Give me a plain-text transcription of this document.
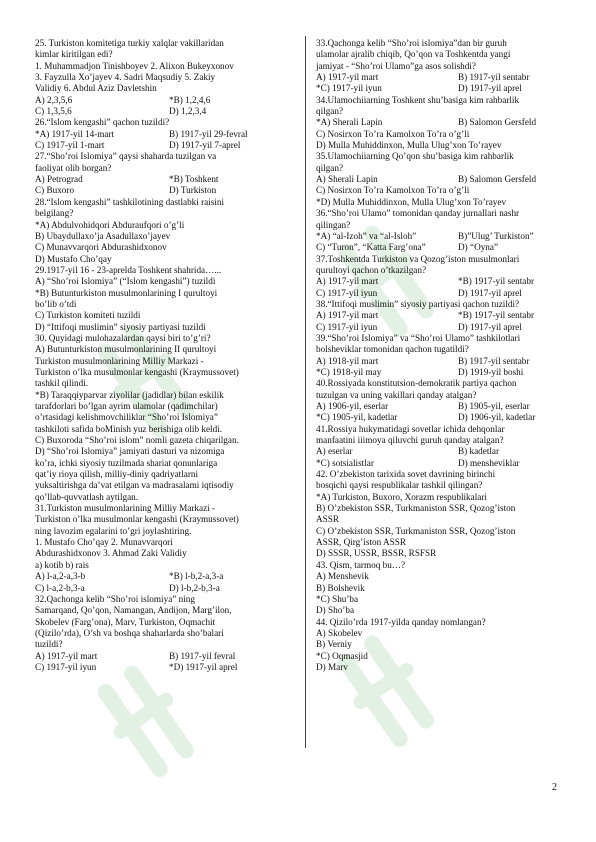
25. Turkiston komitetiga turkiy xalqlar vakillaridan
kimlar kiritilgan edi?
1. Muhammadjon Tinishboyev 2. Alixon Bukeyxonov
3. Fayzulla Xo’jayev 4. Sadri Maqsudiy 5. Zakiy
Validiy 6. Abdul Aziz Davletshin
A) 2,3,5,6	*B) 1,2,4,6
C) 1,3,5,6	D) 1,2,3,4
26.“Islom kengashi” qachon tuzildi?
*A) 1917-yil 14-mart	B) 1917-yil 29-fevral
C) 1917-yil 1-mart	D) 1917-yil 7-aprel
27.“Sho’roi Islomiya” qaysi shaharda tuzilgan va
faoliyat olib borgan?
A) Petrograd	*B) Toshkent
C) Buxoro	D) Turkiston
28.“Islom kengashi” tashkilotining dastlabki raisini
belgilang?
*A) Abdulvohidqori Abduraufqori o’g’li
B) Ubaydullaxo’ja Asadullaxo’jayev
C) Munavvarqori Abdurashidxonov
D) Mustafo Cho’qay
29.1917-yil 16 - 23-aprelda Toshkent shahrida…...
A) “Sho’roi Islomiya” (“Islom kengashi”) tuzildi
*B) Butunturkiston musulmonlarining I qurultoyi
bo’lib o’tdi
C) Turkiston komiteti tuzildi
D) “Ittifoqi muslimin” siyosiy partiyasi tuzildi
30. Quyidagi mulohazalardan qaysi biri to’g’ri?
A) Butunturkiston musulmonlarining II qurultoyi
Turkiston musulmonlarining Milliy Markazi -
Turkiston o’lka musulmonlar kengashi (Kraymussovet)
tashkil qilindi.
*B) Taraqqiyparvar ziyolilar (jadidlar) bilan eskilik
tarafdorlari bo’lgan ayrim ulamolar (qadimchilar)
o’rtasidagi kelishmovchiliklar “Sho’roi Islomiya”
tashkiloti safida boMinish yuz berishiga olib keldi.
C) Buxoroda “Sho’roi islom” nomli gazeta chiqarilgan.
D) “Sho’roi Islomiya” jamiyati dasturi va nizomiga
ko’ra, ichki siyosiy tuzilmada shariat qonunlariga
qat’iy rioya qilish, milliy-diniy qadriyatlarni
yuksaltirishga da’vat etilgan va madrasalami iqtisodiy
qo’llab-quvvatlash aytilgan.
31.Turkiston musulmonlarining Milliy Markazi -
Turkiston o’lka musulmonlar kengashi (Kraymussovet)
ning lavozim egalarini to’gri joylashtiring.
1. Mustafo Cho’qay 2. Munavvarqori
Abdurashidxonov 3. Ahmad Zaki Validiy
a) kotib b) rais
A) l-a,2-a,3-b	*B) l-b,2-a,3-a
C) l-a,2-b,3-a	D) l-b,2-b,3-a
32.Qachonga kelib “Sho’roi islomiya” ning
Samarqand, Qo’qon, Namangan, Andijon, Marg’ilon,
Skobelev (Farg’ona), Marv, Turkiston, Oqmachit
(Qizilo’rda), O’sh va boshqa shaharlarda sho’balari
tuzildi?
A) 1917-yil mart	B) 1917-yil fevral
C) 1917-yil iyun	*D) 1917-yil aprel
33.Qachonga kelib “Sho’roi islomiya”dan bir guruh
ulamolar ajralib chiqib, Qo’qon va Toshkentda yangi
jamiyat - “Sho’roi Ulamo”ga asos solishdi?
A) 1917-yil mart	B) 1917-yil sentabr
*C) 1917-yil iyun	D) 1917-yil aprel
34.Ulamochiiarning Toshkent shu’basiga kim rahbarlik
qilgan?
*A) Sherali Lapin	B) Salomon Gersfeld
C) Nosirxon To’ra Kamolxon To’ra o’g’li
D) Mulla Muhiddinxon, Mulla Ulug’xon To’rayev
35.Ulamochiiarning Qo’qon shu’basiga kim rahbarlik
qilgan?
A) Sherali Lapin	B) Salomon Gersfeld
C) Nosirxon To’ra Kamolxon To’ra o’g’li
*D) Mulla Muhiddinxon, Mulla Ulug’xon To’rayev
36.“Sho’roi Ulamo” tomonidan qanday jurnallari nashr
qilingan?
*A) “al-Izoh” va “al-Isloh”	B)”Ulug’ Turkiston”
C) “Turon”, “Katta Farg’ona”	D) “Oyna”
37.Toshkentda Turkiston va Qozog’iston musulmonlari
qurultoyi qachon o’tkazilgan?
A) 1917-yil mart	*B) 1917-yil sentabr
C) 1917-yil iyun	D) 1917-yil aprel
38.“Ittifoqi muslimin” siyosiy partiyasi qachon tuzildi?
A) 1917-yil mart	*B) 1917-yil sentabr
C) 1917-yil iyun	D) 1917-yil aprel
39.“Sho’roi Islomiya” va “Sho’roi Ulamo” tashkilotlari
bolsheviklar tomonidan qachon tugatildi?
A) 1918-yil mart	B) 1917-yil sentabr
*C) 1918-yil may	D) 1919-yil boshi
40.Rossiyada konstitutsion-demokratik partiya qachon
tuzulgan va uning vakillari qanday atalgan?
A) 1906-yil, eserlar	B) 1905-yil, eserlar
*C) 1905-yil, kadetlar	D) 1906-yil, kadetlar
41.Rossiya hukymatidagi sovetlar ichida dehqonlar
manfaatini iiimoya qiluvchi guruh qanday atalgan?
A) eserlar	B) kadetlar
*C) sotsialistlar	D) mensheviklar
42. O’zbekiston tarixida sovet davrining birinchi
bosqichi qaysi respublikalar tashkil qilingan?
*A) Turkiston, Buxoro, Xorazm respublikalari
B) O’zbekiston SSR, Turkmaniston SSR, Qozog’iston
ASSR
C) O’zbekiston SSR, Turkmaniston SSR, Qozog’iston
ASSR, Qirg’iston ASSR
D) SSSR, USSR, BSSR, RSFSR
43. Qism, tarmoq bu…?
A) Menshevik
B) Bolshevik
*C) Shu’ba
D) Sho’ba
44. Qizilo’rda 1917-yilda qanday nomlangan?
A) Skobelev
B) Verniy
*C) Oqmasjid
D) Marv
2
